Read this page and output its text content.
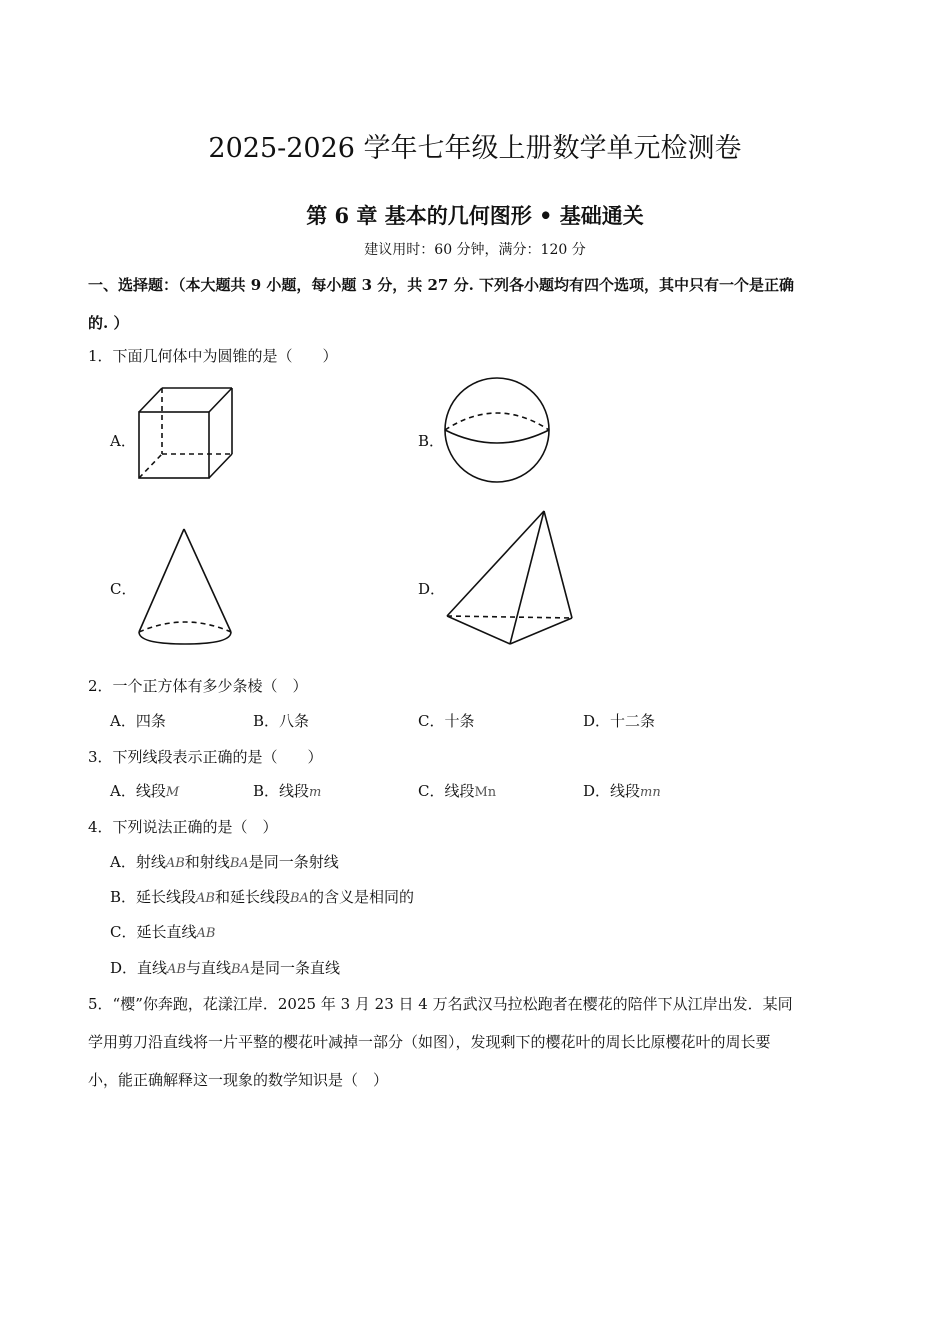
2025-2026 学年七年级上册数学单元检测卷
第 6 章 基本的几何图形 • 基础通关
建议用时：60 分钟，满分：120 分
一、选择题：（本大题共 9 小题，每小题 3 分，共 27 分. 下列各小题均有四个选项，其中只有一个是正确
的. ）
1．下面几何体中为圆锥的是（　　）
A．	B．
C．	D．
2．一个正方体有多少条棱（　）
A．四条	B．八条	C．十条	D．十二条
3．下列线段表示正确的是（　　）
A．线段M	B．线段m	C．线段Mn	D．线段mn
4．下列说法正确的是（　）
A．射线AB和射线BA是同一条射线
B．延长线段AB和延长线段BA的含义是相同的
C．延长直线AB
D．直线AB与直线BA是同一条直线
5．“樱”你奔跑，花漾江岸．2025 年 3 月 23 日 4 万名武汉马拉松跑者在樱花的陪伴下从江岸出发．某同
学用剪刀沿直线将一片平整的樱花叶减掉一部分（如图），发现剩下的樱花叶的周长比原樱花叶的周长要
小，能正确解释这一现象的数学知识是（　）
